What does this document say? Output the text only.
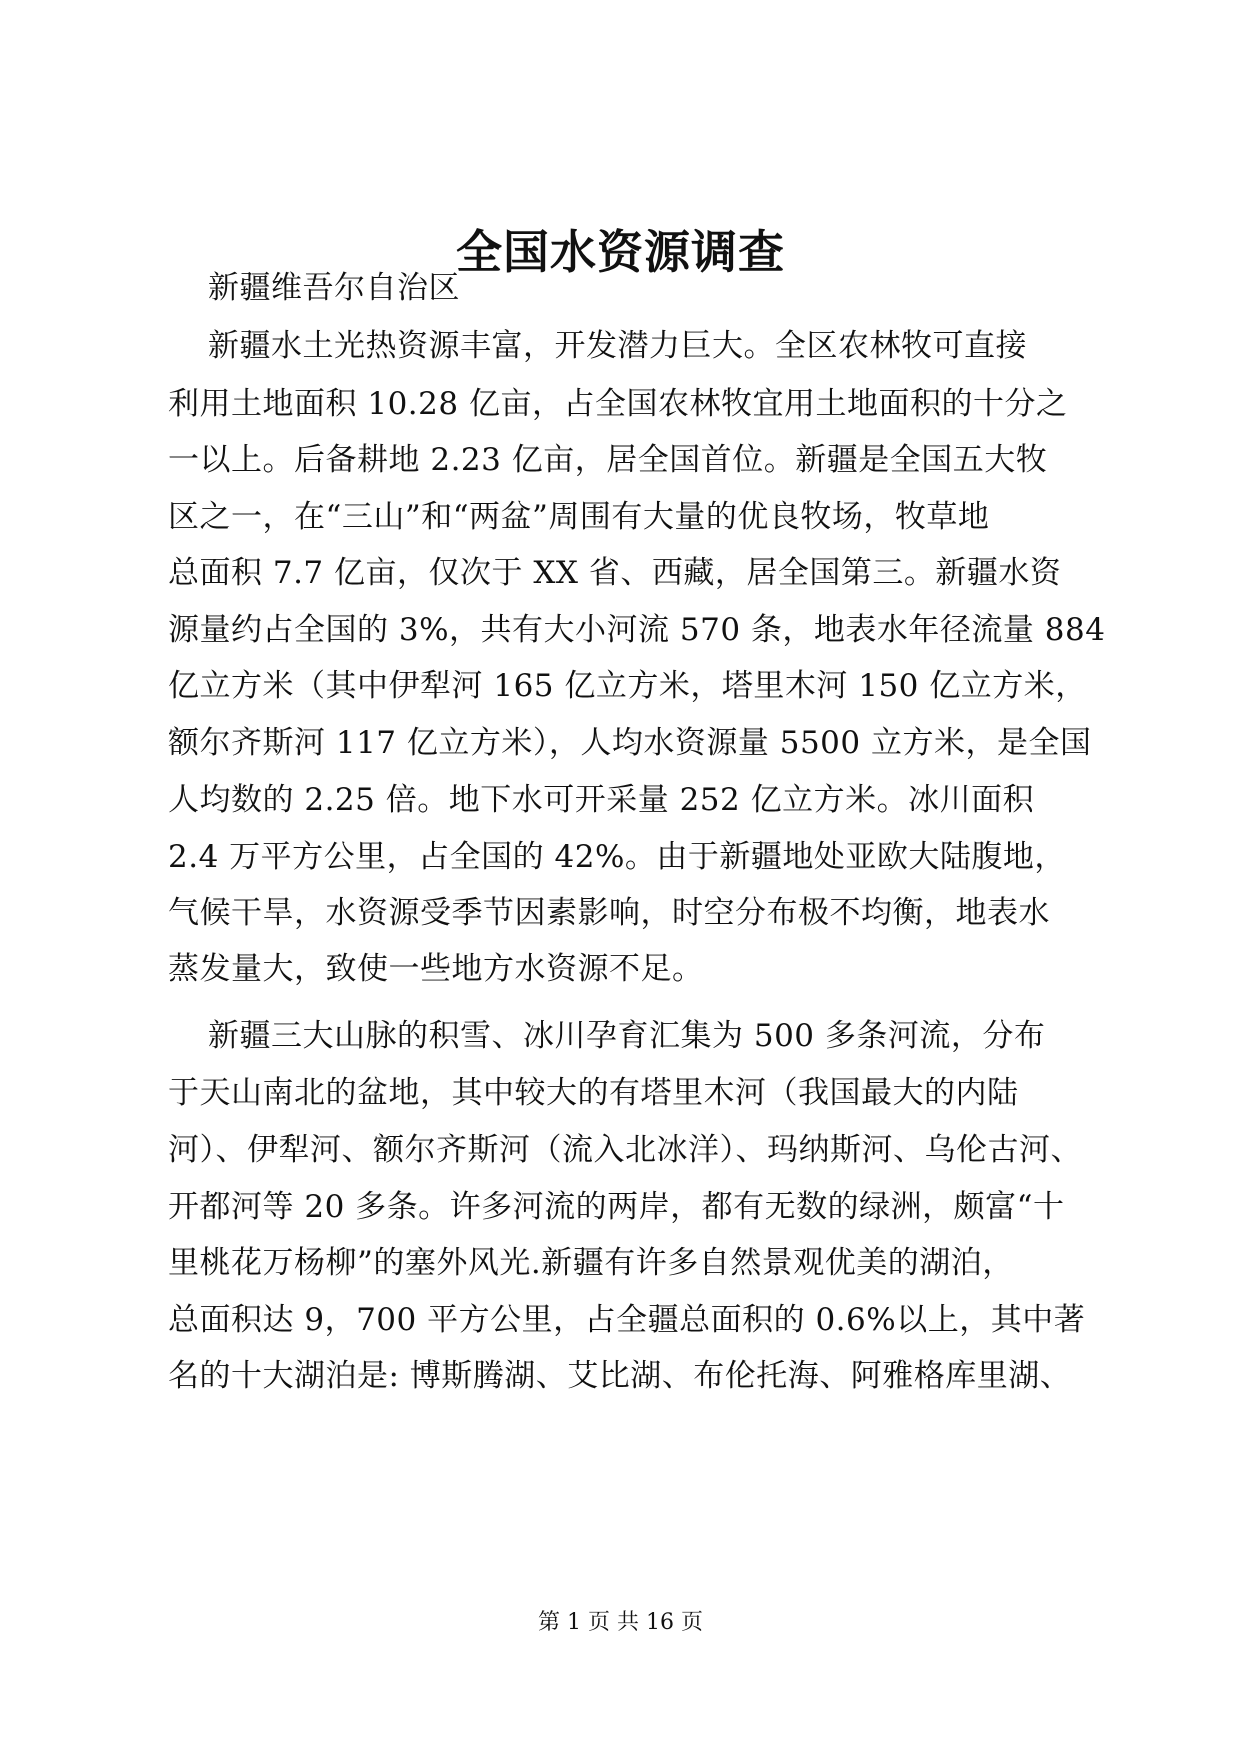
全国水资源调查
新疆维吾尔自治区
新疆水土光热资源丰富，开发潜力巨大。全区农林牧可直接
利用土地面积 10.28 亿亩，占全国农林牧宜用土地面积的十分之
一以上。后备耕地 2.23 亿亩，居全国首位。新疆是全国五大牧
区之一，在“三山”和“两盆”周围有大量的优良牧场，牧草地
总面积 7.7 亿亩，仅次于 XX 省、西藏，居全国第三。新疆水资
源量约占全国的 3%，共有大小河流 570 条，地表水年径流量 884
亿立方米（其中伊犁河 165 亿立方米，塔里木河 150 亿立方米，
额尔齐斯河 117 亿立方米），人均水资源量 5500 立方米，是全国
人均数的 2.25 倍。地下水可开采量 252 亿立方米。冰川面积
2.4 万平方公里，占全国的 42%。由于新疆地处亚欧大陆腹地，
气候干旱，水资源受季节因素影响，时空分布极不均衡，地表水
蒸发量大，致使一些地方水资源不足。
新疆三大山脉的积雪、冰川孕育汇集为 500 多条河流，分布
于天山南北的盆地，其中较大的有塔里木河（我国最大的内陆
河）、伊犁河、额尔齐斯河（流入北冰洋）、玛纳斯河、乌伦古河、
开都河等 20 多条。许多河流的两岸，都有无数的绿洲，颇富“十
里桃花万杨柳”的塞外风光.新疆有许多自然景观优美的湖泊，
总面积达 9，700 平方公里，占全疆总面积的 0.6%以上，其中著
名的十大湖泊是: 博斯腾湖、艾比湖、布伦托海、阿雅格库里湖、
第 1 页 共 16 页
